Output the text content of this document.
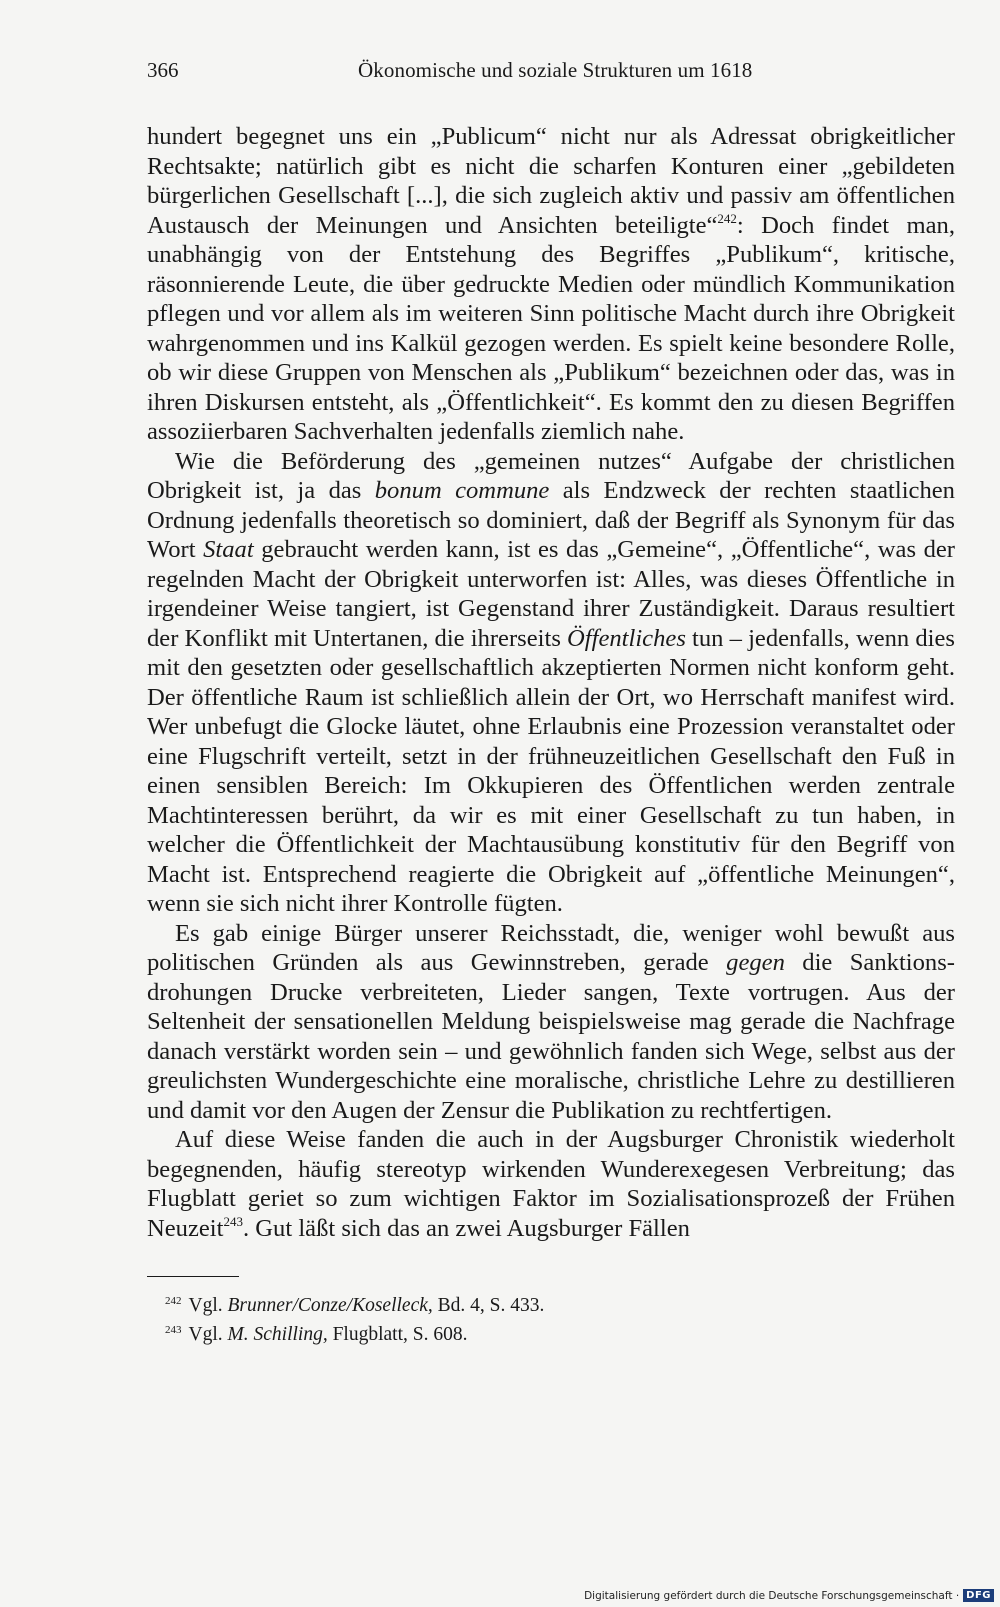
366	Ökonomische und soziale Strukturen um 1618

hundert begegnet uns ein „Publicum“ nicht nur als Adressat obrigkeitlicher Rechtsakte; natürlich gibt es nicht die scharfen Konturen einer „gebildeten bürgerlichen Gesellschaft [...], die sich zugleich aktiv und passiv am öffentlichen Austausch der Meinungen und Ansichten beteiligte“$^{242}$: Doch findet man, unabhängig von der Entstehung des Begriffes „Publikum“, kritische, räsonnierende Leute, die über gedruckte Medien oder mündlich Kommunikation pflegen und vor allem als im weiteren Sinn politische Macht durch ihre Obrigkeit wahrgenommen und ins Kalkül gezogen werden. Es spielt keine besondere Rolle, ob wir diese Gruppen von Menschen als „Publikum“ bezeichnen oder das, was in ihren Diskursen entsteht, als „Öffentlichkeit“. Es kommt den zu diesen Begriffen assoziierbaren Sachverhalten jedenfalls ziemlich nahe.

Wie die Beförderung des „gemeinen nutzes“ Aufgabe der christlichen Obrigkeit ist, ja das bonum commune als Endzweck der rechten staatlichen Ordnung jedenfalls theoretisch so dominiert, daß der Begriff als Synonym für das Wort Staat gebraucht werden kann, ist es das „Gemeine“, „Öffentliche“, was der regelnden Macht der Obrigkeit unterworfen ist: Alles, was dieses Öffentliche in irgendeiner Weise tangiert, ist Gegenstand ihrer Zuständigkeit. Daraus resultiert der Konflikt mit Untertanen, die ihrerseits Öffentliches tun – jedenfalls, wenn dies mit den gesetzten oder gesellschaftlich akzeptierten Normen nicht konform geht. Der öffentliche Raum ist schließlich allein der Ort, wo Herrschaft manifest wird. Wer unbefugt die Glocke läutet, ohne Erlaubnis eine Prozession veranstaltet oder eine Flugschrift verteilt, setzt in der frühneuzeitlichen Gesellschaft den Fuß in einen sensiblen Bereich: Im Okkupieren des Öffentlichen werden zentrale Machtinteressen berührt, da wir es mit einer Gesellschaft zu tun haben, in welcher die Öffentlichkeit der Machtausübung konstitutiv für den Begriff von Macht ist. Entsprechend reagierte die Obrigkeit auf „öffentliche Meinungen“, wenn sie sich nicht ihrer Kontrolle fügten.

Es gab einige Bürger unserer Reichsstadt, die, weniger wohl bewußt aus politischen Gründen als aus Gewinnstreben, gerade gegen die Sanktionsdrohungen Drucke verbreiteten, Lieder sangen, Texte vortrugen. Aus der Seltenheit der sensationellen Meldung beispielsweise mag gerade die Nachfrage danach verstärkt worden sein – und gewöhnlich fanden sich Wege, selbst aus der greulichsten Wundergeschichte eine moralische, christliche Lehre zu destillieren und damit vor den Augen der Zensur die Publikation zu rechtfertigen.

Auf diese Weise fanden die auch in der Augsburger Chronistik wiederholt begegnenden, häufig stereotyp wirkenden Wunderexegesen Verbreitung; das Flugblatt geriet so zum wichtigen Faktor im Sozialisationsprozeß der Frühen Neuzeit$^{243}$. Gut läßt sich das an zwei Augsburger Fällen

$^{242}$ Vgl. Brunner/Conze/Koselleck, Bd. 4, S. 433.

$^{243}$ Vgl. M. Schilling, Flugblatt, S. 608.

Digitalisierung gefördert durch die Deutsche Forschungsgemeinschaft · DFG
